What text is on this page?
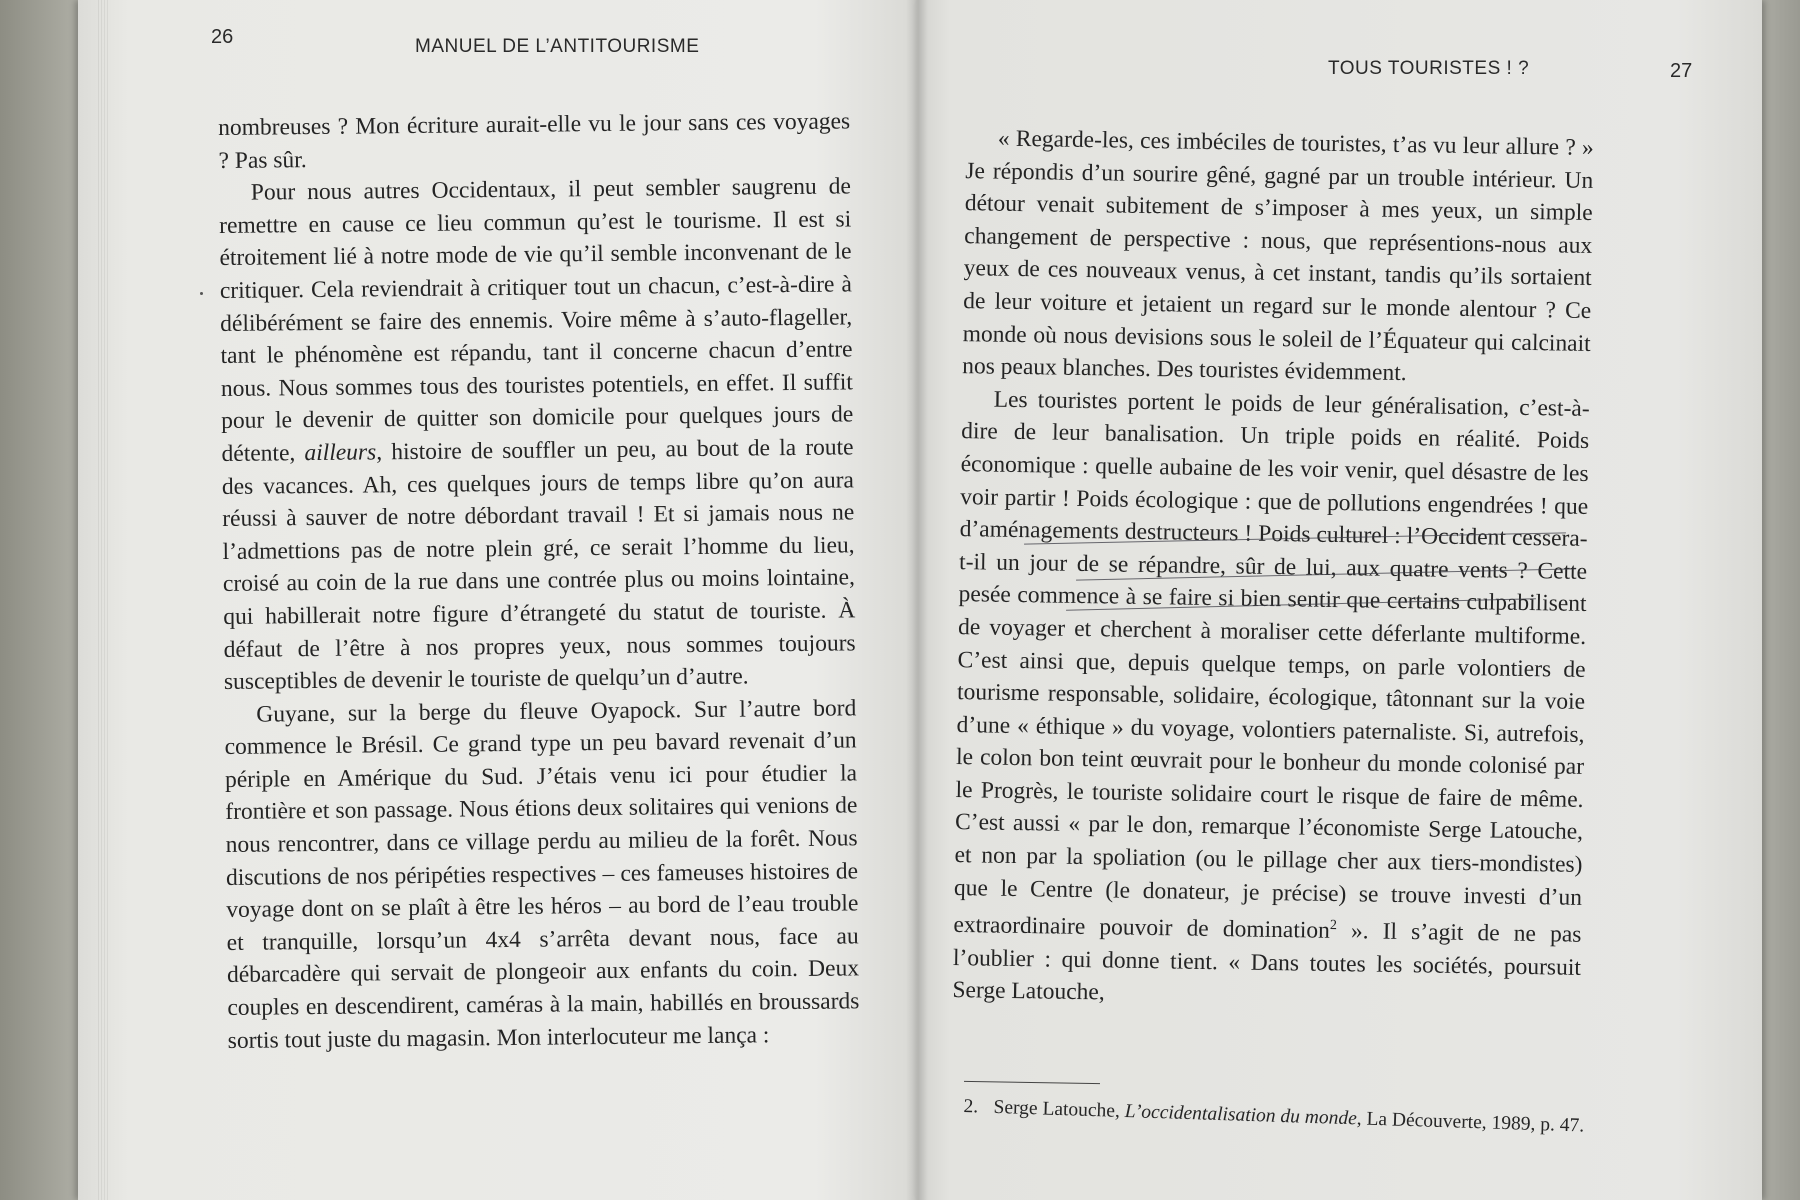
26	MANUEL DE L’ANTITOURISME

nombreuses ? Mon écriture aurait-elle vu le jour sans ces voyages ? Pas sûr.

Pour nous autres Occidentaux, il peut sembler saugrenu de remettre en cause ce lieu commun qu’est le tourisme. Il est si étroitement lié à notre mode de vie qu’il semble inconvenant de le critiquer. Cela reviendrait à critiquer tout un chacun, c’est-à-dire à délibérément se faire des ennemis. Voire même à s’auto-flageller, tant le phénomène est répandu, tant il concerne chacun d’entre nous. Nous sommes tous des touristes potentiels, en effet. Il suffit pour le devenir de quitter son domicile pour quelques jours de détente, ailleurs, histoire de souffler un peu, au bout de la route des vacances. Ah, ces quelques jours de temps libre qu’on aura réussi à sauver de notre débordant travail ! Et si jamais nous ne l’admettions pas de notre plein gré, ce serait l’homme du lieu, croisé au coin de la rue dans une contrée plus ou moins lointaine, qui habillerait notre figure d’étrangeté du statut de touriste. À défaut de l’être à nos propres yeux, nous sommes toujours susceptibles de devenir le touriste de quelqu’un d’autre.

Guyane, sur la berge du fleuve Oyapock. Sur l’autre bord commence le Brésil. Ce grand type un peu bavard revenait d’un périple en Amérique du Sud. J’étais venu ici pour étudier la frontière et son passage. Nous étions deux solitaires qui venions de nous rencontrer, dans ce village perdu au milieu de la forêt. Nous discutions de nos péripéties respectives – ces fameuses histoires de voyage dont on se plaît à être les héros – au bord de l’eau trouble et tranquille, lorsqu’un 4x4 s’arrêta devant nous, face au débarcadère qui servait de plongeoir aux enfants du coin. Deux couples en descendirent, caméras à la main, habillés en broussards sortis tout juste du magasin. Mon interlocuteur me lança :

TOUS TOURISTES ! ?	27

« Regarde-les, ces imbéciles de touristes, t’as vu leur allure ? » Je répondis d’un sourire gêné, gagné par un trouble intérieur. Un détour venait subitement de s’imposer à mes yeux, un simple changement de perspective : nous, que représentions-nous aux yeux de ces nouveaux venus, à cet instant, tandis qu’ils sortaient de leur voiture et jetaient un regard sur le monde alentour ? Ce monde où nous devisions sous le soleil de l’Équateur qui calcinait nos peaux blanches. Des touristes évidemment.

Les touristes portent le poids de leur généralisation, c’est-à-dire de leur banalisation. Un triple poids en réalité. Poids économique : quelle aubaine de les voir venir, quel désastre de les voir partir ! Poids écologique : que de pollutions engendrées ! que d’aménagements destructeurs ! Poids culturel : l’Occident cessera-t-il un jour de se répandre, sûr de lui, aux quatre vents ? Cette pesée commence à se faire si bien sentir que certains culpabilisent de voyager et cherchent à moraliser cette déferlante multiforme. C’est ainsi que, depuis quelque temps, on parle volontiers de tourisme responsable, solidaire, écologique, tâtonnant sur la voie d’une « éthique » du voyage, volontiers paternaliste. Si, autrefois, le colon bon teint œuvrait pour le bonheur du monde colonisé par le Progrès, le touriste solidaire court le risque de faire de même. C’est aussi « par le don, remarque l’économiste Serge Latouche, et non par la spoliation (ou le pillage cher aux tiers-mondistes) que le Centre (le donateur, je précise) se trouve investi d’un extraordinaire pouvoir de domination$^2$ ». Il s’agit de ne pas l’oublier : qui donne tient. « Dans toutes les sociétés, poursuit Serge Latouche,

2. Serge Latouche, L’occidentalisation du monde, La Découverte, 1989, p. 47.
